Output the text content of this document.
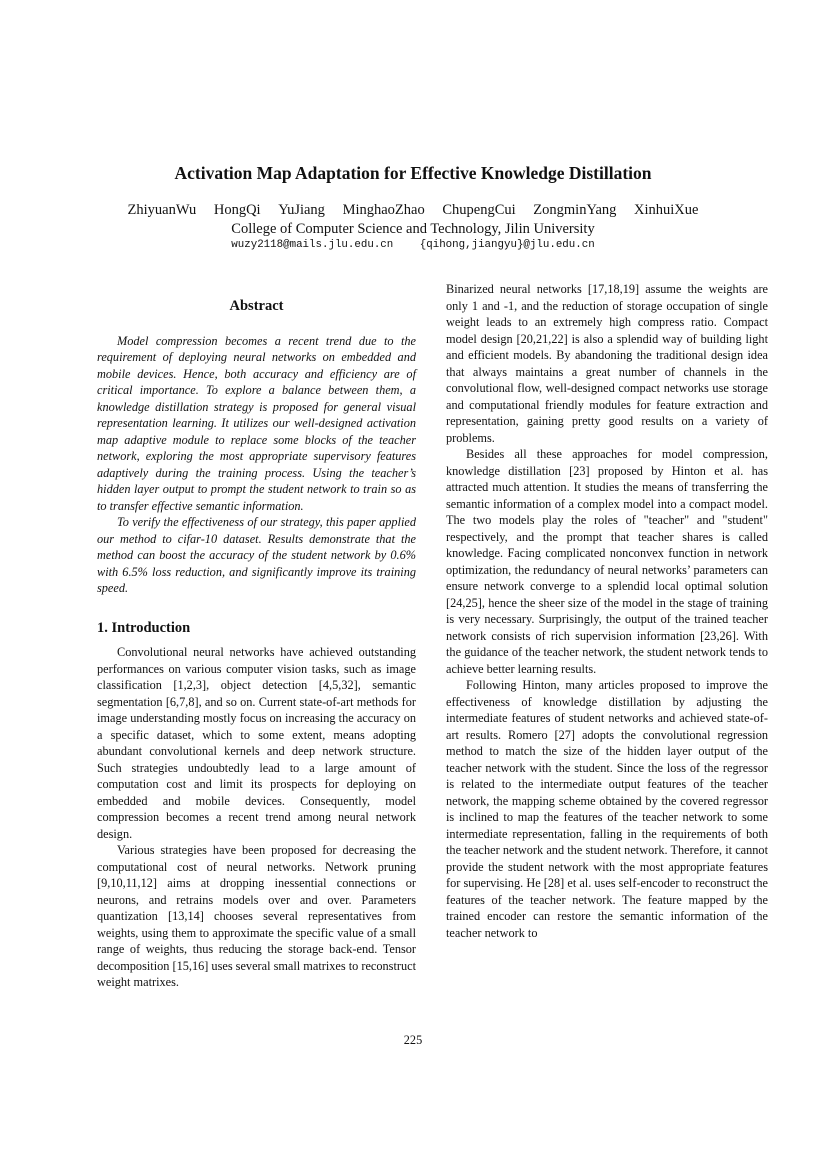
Activation Map Adaptation for Effective Knowledge Distillation
ZhiyuanWu HongQi YuJiang MinghaoZhao ChupengCui ZongminYang XinhuiXue
College of Computer Science and Technology, Jilin University
wuzy2118@mails.jlu.edu.cn {qihong,jiangyu}@jlu.edu.cn
Abstract

Model compression becomes a recent trend due to the requirement of deploying neural networks on embedded and mobile devices. Hence, both accuracy and efficiency are of critical importance. To explore a balance between them, a knowledge distillation strategy is proposed for general visual representation learning. It utilizes our well-designed activation map adaptive module to replace some blocks of the teacher network, exploring the most appropriate supervisory features adaptively during the training process. Using the teacher’s hidden layer output to prompt the student network to train so as to transfer effective semantic information.

To verify the effectiveness of our strategy, this paper applied our method to cifar-10 dataset. Results demonstrate that the method can boost the accuracy of the student network by 0.6% with 6.5% loss reduction, and significantly improve its training speed.

1. Introduction

Convolutional neural networks have achieved outstanding performances on various computer vision tasks, such as image classification [1,2,3], object detection [4,5,32], semantic segmentation [6,7,8], and so on. Current state-of-art methods for image understanding mostly focus on increasing the accuracy on a specific dataset, which to some extent, means adopting abundant convolutional kernels and deep network structure. Such strategies undoubtedly lead to a large amount of computation cost and limit its prospects for deploying on embedded and mobile devices. Consequently, model compression becomes a recent trend among neural network design.

Various strategies have been proposed for decreasing the computational cost of neural networks. Network pruning [9,10,11,12] aims at dropping inessential connections or neurons, and retrains models over and over. Parameters quantization [13,14] chooses several representatives from weights, using them to approximate the specific value of a small range of weights, thus reducing the storage back-end. Tensor decomposition [15,16] uses several small matrixes to reconstruct weight matrixes.

Binarized neural networks [17,18,19] assume the weights are only 1 and -1, and the reduction of storage occupation of single weight leads to an extremely high compress ratio. Compact model design [20,21,22] is also a splendid way of building light and efficient models. By abandoning the traditional design idea that always maintains a great number of channels in the convolutional flow, well-designed compact networks use storage and computational friendly modules for feature extraction and representation, gaining pretty good results on a variety of problems.

Besides all these approaches for model compression, knowledge distillation [23] proposed by Hinton et al. has attracted much attention. It studies the means of transferring the semantic information of a complex model into a compact model. The two models play the roles of "teacher" and "student" respectively, and the prompt that teacher shares is called knowledge. Facing complicated nonconvex function in network optimization, the redundancy of neural networks’ parameters can ensure network converge to a splendid local optimal solution [24,25], hence the sheer size of the model in the stage of training is very necessary. Surprisingly, the output of the trained teacher network consists of rich supervision information [23,26]. With the guidance of the teacher network, the student network tends to achieve better learning results.

Following Hinton, many articles proposed to improve the effectiveness of knowledge distillation by adjusting the intermediate features of student networks and achieved state-of-art results. Romero [27] adopts the convolutional regression method to match the size of the hidden layer output of the teacher network with the student. Since the loss of the regressor is related to the intermediate output features of the teacher network, the mapping scheme obtained by the covered regressor is inclined to map the features of the teacher network to some intermediate representation, falling in the requirements of both the teacher network and the student network. Therefore, it cannot provide the student network with the most appropriate features for supervising. He [28] et al. uses self-encoder to reconstruct the features of the teacher network. The feature mapped by the trained encoder can restore the semantic information of the teacher network to

225
